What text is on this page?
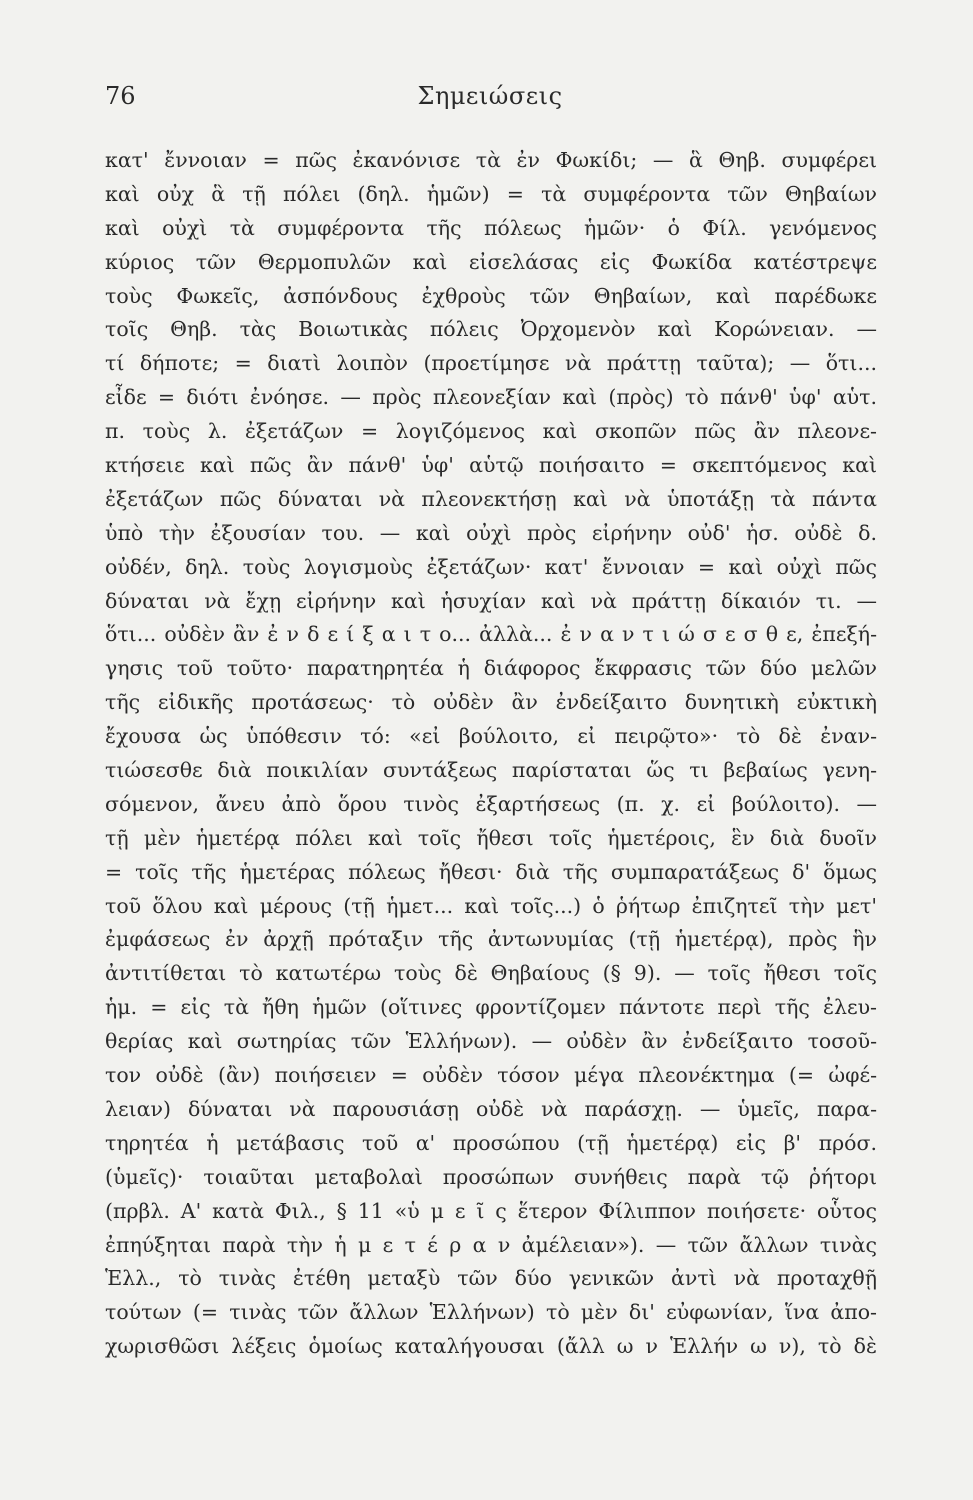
76	Σημειώσεις
κατ' ἔννοιαν = πῶς ἐκανόνισε τὰ ἐν Φωκίδι; — ἃ Θηβ. συμφέρει
καὶ οὐχ ἃ τῇ πόλει (δηλ. ἡμῶν) = τὰ συμφέροντα τῶν Θηβαίων
καὶ οὐχὶ τὰ συμφέροντα τῆς πόλεως ἡμῶν· ὁ Φίλ. γενόμενος
κύριος τῶν Θερμοπυλῶν καὶ εἰσελάσας εἰς Φωκίδα κατέστρεψε
τοὺς Φωκεῖς, ἀσπόνδους ἐχθροὺς τῶν Θηβαίων, καὶ παρέδωκε
τοῖς Θηβ. τὰς Βοιωτικὰς πόλεις Ὀρχομενὸν καὶ Κορώνειαν. —
τί δήποτε; = διατὶ λοιπὸν (προετίμησε νὰ πράττῃ ταῦτα); — ὅτι...
εἶδε = διότι ἐνόησε. — πρὸς πλεονεξίαν καὶ (πρὸς) τὸ πάνθ' ὑφ' αὑτ.
π. τοὺς λ. ἐξετάζων = λογιζόμενος καὶ σκοπῶν πῶς ἂν πλεονε-
κτήσειε καὶ πῶς ἂν πάνθ' ὑφ' αὑτῷ ποιήσαιτο = σκεπτόμενος καὶ
ἐξετάζων πῶς δύναται νὰ πλεονεκτήσῃ καὶ νὰ ὑποτάξῃ τὰ πάντα
ὑπὸ τὴν ἐξουσίαν του. — καὶ οὐχὶ πρὸς εἰρήνην οὐδ' ἡσ. οὐδὲ δ.
οὐδέν, δηλ. τοὺς λογισμοὺς ἐξετάζων· κατ' ἔννοιαν = καὶ οὐχὶ πῶς
δύναται νὰ ἔχῃ εἰρήνην καὶ ἡσυχίαν καὶ νὰ πράττῃ δίκαιόν τι. —
ὅτι... οὐδὲν ἂν ἐ ν δ ε ί ξ α ι τ ο... ἀλλὰ... ἐ ν α ν τ ι ώ σ ε σ θ ε, ἐπεξή-
γησις τοῦ τοῦτο· παρατηρητέα ἡ διάφορος ἔκφρασις τῶν δύο μελῶν
τῆς εἰδικῆς προτάσεως· τὸ οὐδὲν ἂν ἐνδείξαιτο δυνητικὴ εὐκτικὴ
ἔχουσα ὡς ὑπόθεσιν τό: «εἰ βούλοιτο, εἰ πειρῷτο»· τὸ δὲ ἐναν-
τιώσεσθε διὰ ποικιλίαν συντάξεως παρίσταται ὥς τι βεβαίως γενη-
σόμενον, ἄνευ ἀπὸ ὅρου τινὸς ἐξαρτήσεως (π. χ. εἰ βούλοιτο). —
τῇ μὲν ἡμετέρᾳ πόλει καὶ τοῖς ἤθεσι τοῖς ἡμετέροις, ἓν διὰ δυοῖν
= τοῖς τῆς ἡμετέρας πόλεως ἤθεσι· διὰ τῆς συμπαρατάξεως δ' ὅμως
τοῦ ὅλου καὶ μέρους (τῇ ἡμετ... καὶ τοῖς...) ὁ ῥήτωρ ἐπιζητεῖ τὴν μετ'
ἐμφάσεως ἐν ἀρχῇ πρόταξιν τῆς ἀντωνυμίας (τῇ ἡμετέρᾳ), πρὸς ἣν
ἀντιτίθεται τὸ κατωτέρω τοὺς δὲ Θηβαίους (§ 9). — τοῖς ἤθεσι τοῖς
ἡμ. = εἰς τὰ ἤθη ἡμῶν (οἵτινες φροντίζομεν πάντοτε περὶ τῆς ἐλευ-
θερίας καὶ σωτηρίας τῶν Ἑλλήνων). — οὐδὲν ἂν ἐνδείξαιτο τοσοῦ-
τον οὐδὲ (ἂν) ποιήσειεν = οὐδὲν τόσον μέγα πλεονέκτημα (= ὠφέ-
λειαν) δύναται νὰ παρουσιάσῃ οὐδὲ νὰ παράσχῃ. — ὑμεῖς, παρα-
τηρητέα ἡ μετάβασις τοῦ α' προσώπου (τῇ ἡμετέρᾳ) εἰς β' πρόσ.
(ὑμεῖς)· τοιαῦται μεταβολαὶ προσώπων συνήθεις παρὰ τῷ ῥήτορι
(πρβλ. Α' κατὰ Φιλ., § 11 «ὑ μ ε ῖ ς ἕτερον Φίλιππον ποιήσετε· οὗτος
ἐπηύξηται παρὰ τὴν ἡ μ ε τ έ ρ α ν ἀμέλειαν»). — τῶν ἄλλων τινὰς
Ἑλλ., τὸ τινὰς ἐτέθη μεταξὺ τῶν δύο γενικῶν ἀντὶ νὰ προταχθῇ
τούτων (= τινὰς τῶν ἄλλων Ἑλλήνων) τὸ μὲν δι' εὐφωνίαν, ἵνα ἀπο-
χωρισθῶσι λέξεις ὁμοίως καταλήγουσαι (ἄλλ ω ν Ἑλλήν ω ν), τὸ δὲ
